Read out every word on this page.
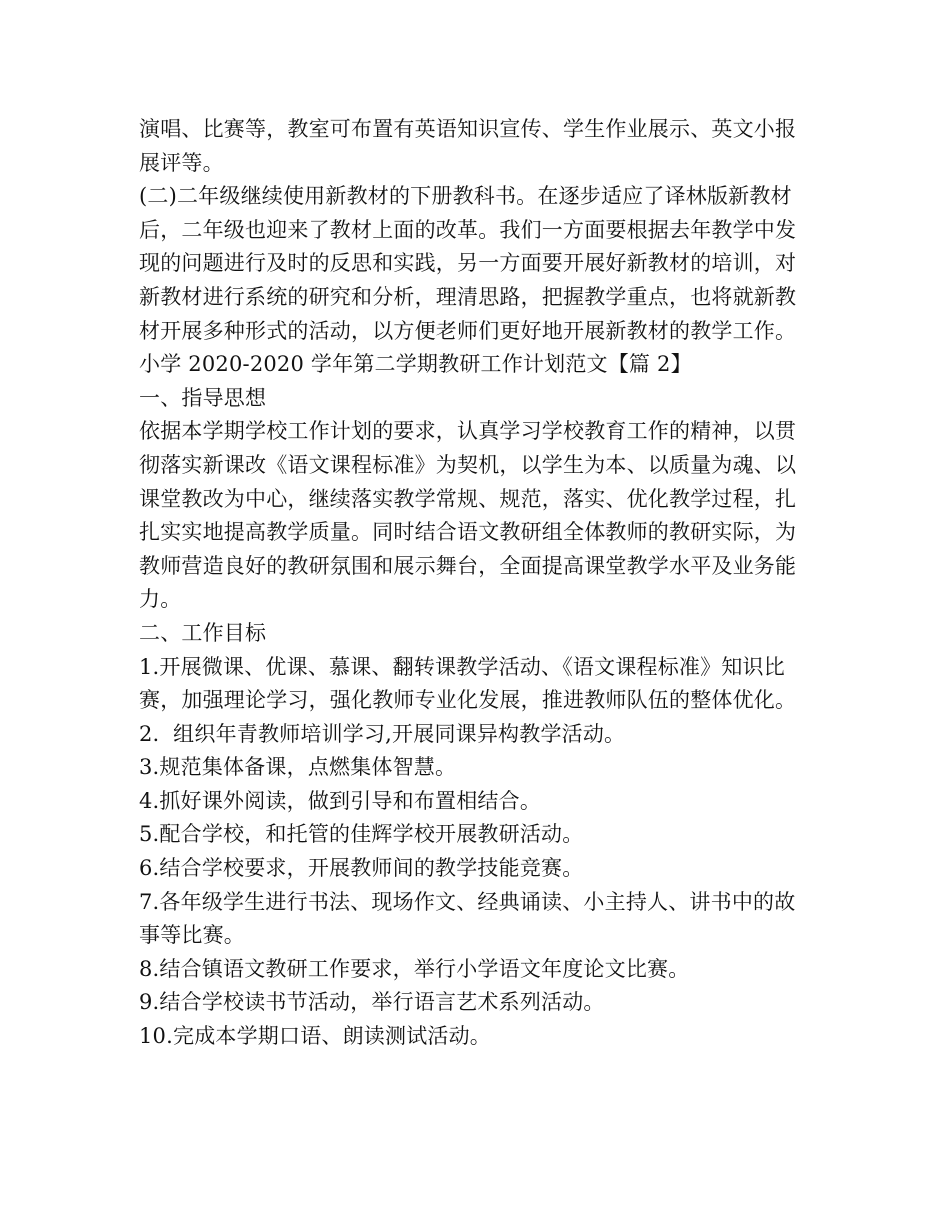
演唱、比赛等，教室可布置有英语知识宣传、学生作业展示、英文小报
展评等。
(二)二年级继续使用新教材的下册教科书。在逐步适应了译林版新教材
后，二年级也迎来了教材上面的改革。我们一方面要根据去年教学中发
现的问题进行及时的反思和实践，另一方面要开展好新教材的培训，对
新教材进行系统的研究和分析，理清思路，把握教学重点，也将就新教
材开展多种形式的活动，以方便老师们更好地开展新教材的教学工作。
小学 2020-2020 学年第二学期教研工作计划范文【篇 2】
一、指导思想
依据本学期学校工作计划的要求，认真学习学校教育工作的精神，以贯
彻落实新课改《语文课程标准》为契机，以学生为本、以质量为魂、以
课堂教改为中心，继续落实教学常规、规范，落实、优化教学过程，扎
扎实实地提高教学质量。同时结合语文教研组全体教师的教研实际，为
教师营造良好的教研氛围和展示舞台，全面提高课堂教学水平及业务能
力。
二、工作目标
1.开展微课、优课、慕课、翻转课教学活动、《语文课程标准》知识比
赛，加强理论学习，强化教师专业化发展，推进教师队伍的整体优化。
2.  组织年青教师培训学习,开展同课异构教学活动。
3.规范集体备课，点燃集体智慧。
4.抓好课外阅读，做到引导和布置相结合。
5.配合学校，和托管的佳辉学校开展教研活动。
6.结合学校要求，开展教师间的教学技能竞赛。
7.各年级学生进行书法、现场作文、经典诵读、小主持人、讲书中的故
事等比赛。
8.结合镇语文教研工作要求，举行小学语文年度论文比赛。
9.结合学校读书节活动，举行语言艺术系列活动。
10.完成本学期口语、朗读测试活动。
